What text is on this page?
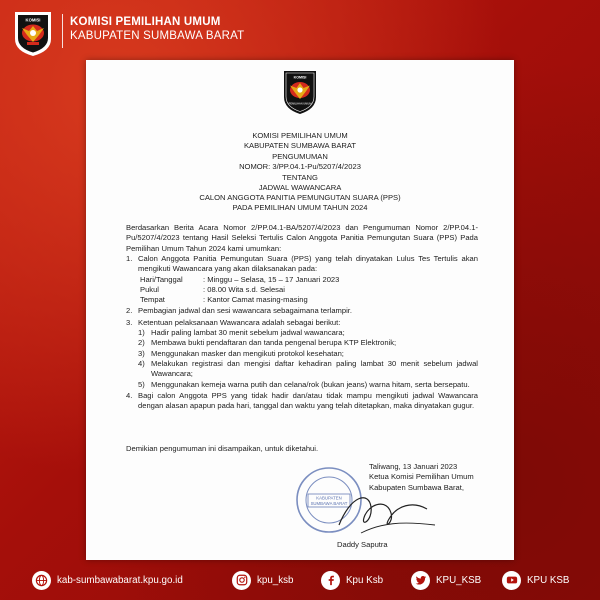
KOMISI	KOMISI PEMILIHAN UMUM
KABUPATEN SUMBAWA BARAT
KOMISI
PEMILIHAN UMUM
KOMISI PEMILIHAN UMUM
KABUPATEN SUMBAWA BARAT
PENGUMUMAN
NOMOR: 3/PP.04.1-Pu/5207/4/2023
TENTANG
JADWAL WAWANCARA
CALON ANGGOTA PANITIA PEMUNGUTAN SUARA (PPS)
PADA PEMILIHAN UMUM TAHUN 2024
Berdasarkan Berita Acara Nomor 2/PP.04.1-BA/5207/4/2023 dan Pengumuman Nomor 2/PP.04.1-Pu/5207/4/2023 tentang Hasil Seleksi Tertulis Calon Anggota Panitia Pemungutan Suara (PPS) Pada Pemilihan Umum Tahun 2024 kami umumkan:
1. Calon Anggota Panitia Pemungutan Suara (PPS) yang telah dinyatakan Lulus Tes Tertulis akan mengikuti Wawancara yang akan dilaksanakan pada:
Hari/Tanggal	: Minggu – Selasa, 15 – 17 Januari 2023
Pukul	: 08.00 Wita s.d. Selesai
Tempat	: Kantor Camat masing-masing
2. Pembagian jadwal dan sesi wawancara sebagaimana terlampir.
3. Ketentuan pelaksanaan Wawancara adalah sebagai berikut:
1) Hadir paling lambat 30 menit sebelum jadwal wawancara;
2) Membawa bukti pendaftaran dan tanda pengenal berupa KTP Elektronik;
3) Menggunakan masker dan mengikuti protokol kesehatan;
4) Melakukan registrasi dan mengisi daftar kehadiran paling lambat 30 menit sebelum jadwal Wawancara;
5) Menggunakan kemeja warna putih dan celana/rok (bukan jeans) warna hitam, serta bersepatu.
4. Bagi calon Anggota PPS yang tidak hadir dan/atau tidak mampu mengikuti jadwal Wawancara dengan alasan apapun pada hari, tanggal dan waktu yang telah ditetapkan, maka dinyatakan gugur.
Demikian pengumuman ini disampaikan, untuk diketahui.
KABUPATEN
SUMBAWA BARAT
Taliwang, 13 Januari 2023
Ketua Komisi Pemilihan Umum
Kabupaten Sumbawa Barat,
Daddy Saputra
kab-sumbawabarat.kpu.go.id	kpu_ksb	Kpu Ksb	KPU_KSB	KPU KSB
